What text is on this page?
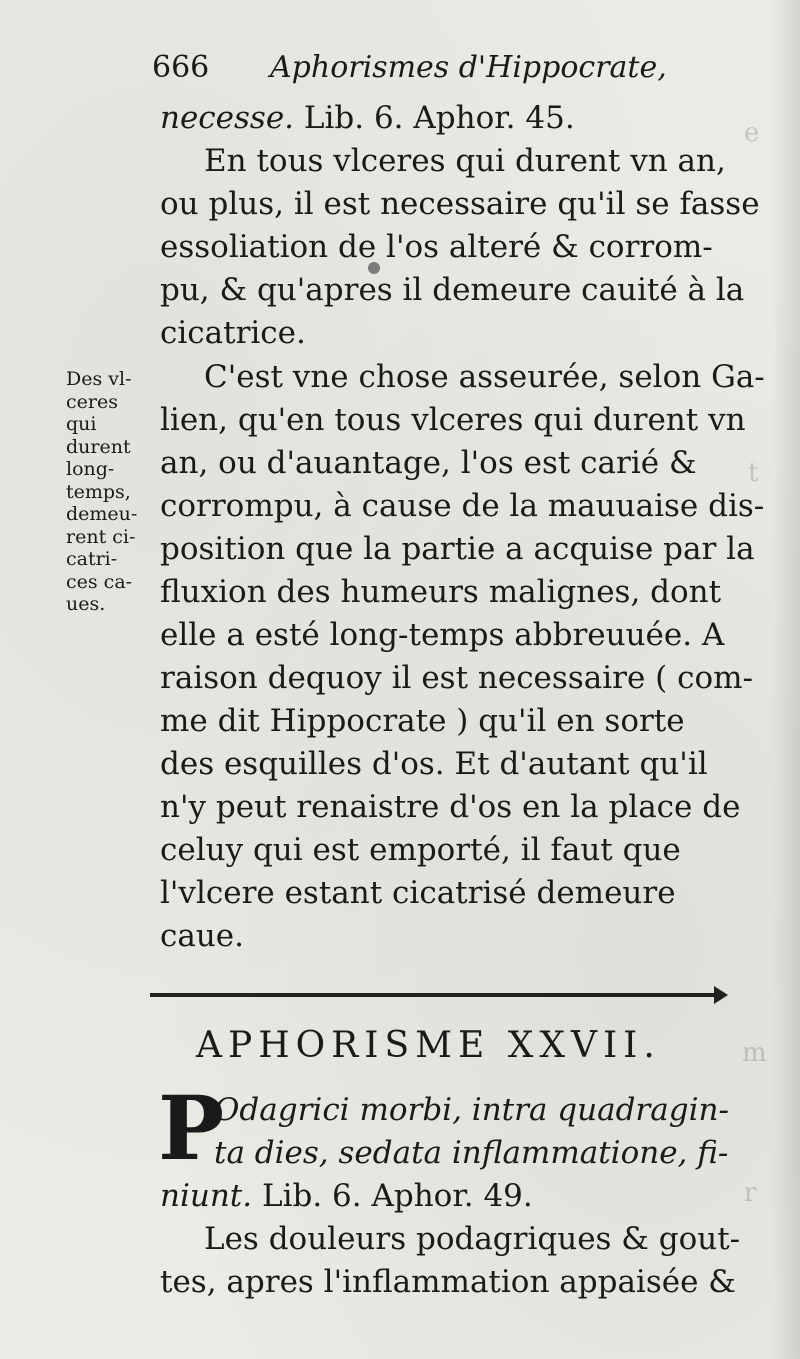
e
t
m
r
666 Aphorismes d'Hippocrate,
necesse. Lib. 6. Aphor. 45.
En tous vlceres qui durent vn an,
ou plus, il est necessaire qu'il se fasse
essoliation de l'os alteré & corrom-
pu, & qu'apres il demeure cauité à la
cicatrice.
Des vl-
ceres
qui
durent
long-
temps,
demeu-
rent ci-
catri-
ces ca-
ues.
C'est vne chose asseurée, selon Ga-
lien, qu'en tous vlceres qui durent vn
an, ou d'auantage, l'os est carié &
corrompu, à cause de la mauuaise dis-
position que la partie a acquise par la
fluxion des humeurs malignes, dont
elle a esté long-temps abbreuuée. A
raison dequoy il est necessaire ( com-
me dit Hippocrate ) qu'il en sorte
des esquilles d'os. Et d'autant qu'il
n'y peut renaistre d'os en la place de
celuy qui est emporté, il faut que
l'vlcere estant cicatrisé demeure
caue.
APHORISME XXVII.
P
Odagrici morbi, intra quadragin-
ta dies, sedata inflammatione, fi-
niunt. Lib. 6. Aphor. 49.
Les douleurs podagriques & gout-
tes, apres l'inflammation appaisée &
